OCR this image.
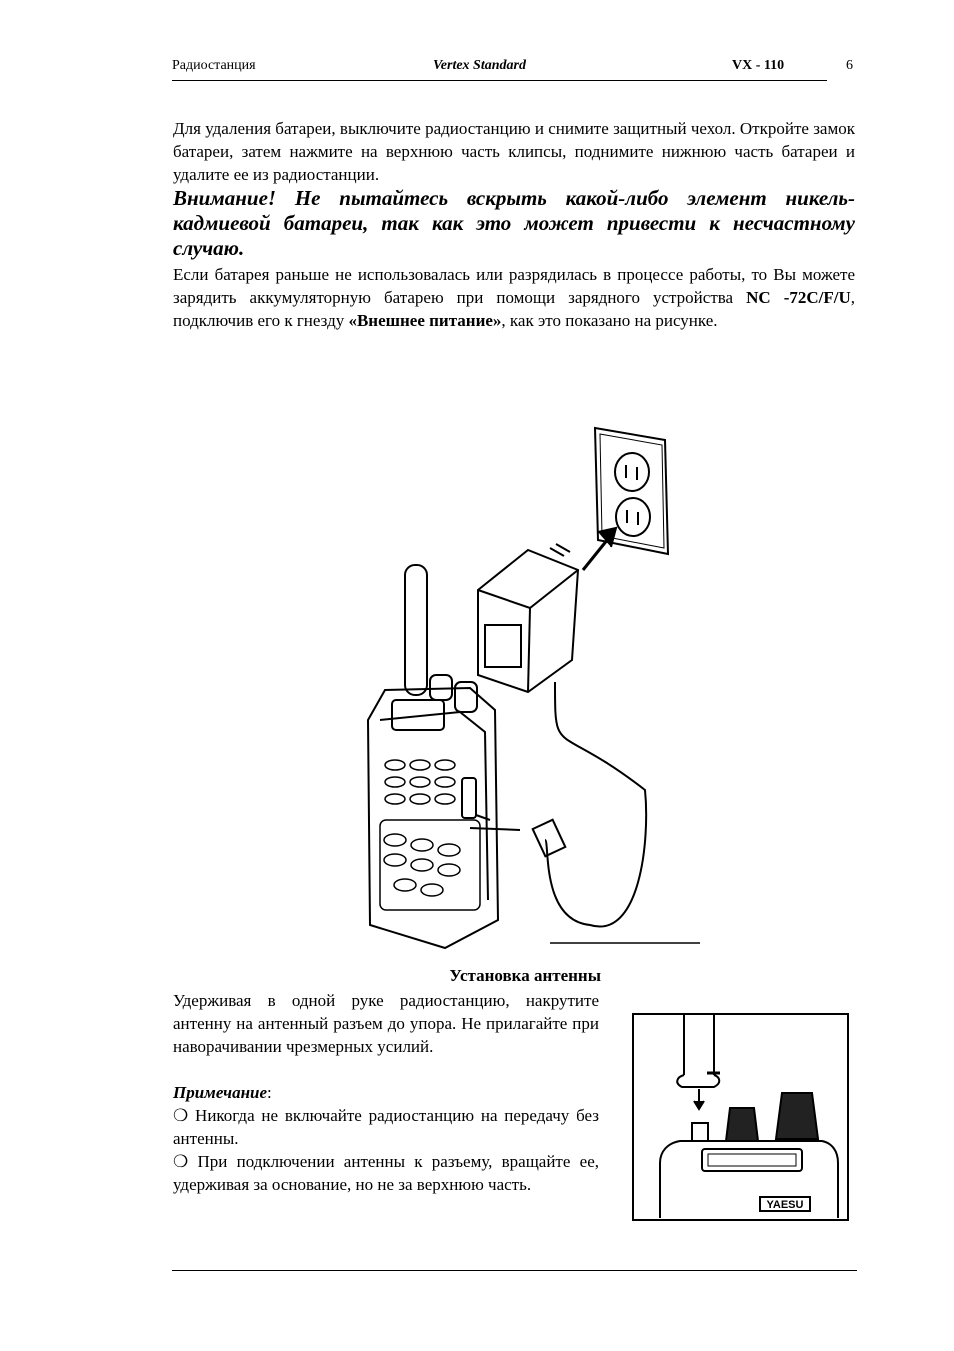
Радиостанция	Vertex Standard	VX - 110	6

Для удаления батареи, выключите радиостанцию и снимите защитный чехол. Откройте замок батареи, затем нажмите на верхнюю часть клипсы, поднимите нижнюю часть батареи и удалите ее из радиостанции.

Внимание! Не пытайтесь вскрыть какой-либо элемент никель-кадмиевой батареи, так как это может привести к несчастному случаю.

Если батарея раньше не использовалась или разрядилась в процессе работы, то Вы можете зарядить аккумуляторную батарею при помощи зарядного устройства NC -72C/F/U, подключив его к гнезду «Внешнее питание», как это показано на рисунке.

Установка антенны

Удерживая в одной руке радиостанцию, накрутите антенну на антенный разъем до упора. Не прилагайте при наворачивании чрезмерных усилий.

Примечание:

❍ Никогда не включайте радиостанцию на передачу без антенны.

❍ При подключении антенны к разъему, вращайте ее, удерживая за основание, но не за верхнюю часть.

YAESU
